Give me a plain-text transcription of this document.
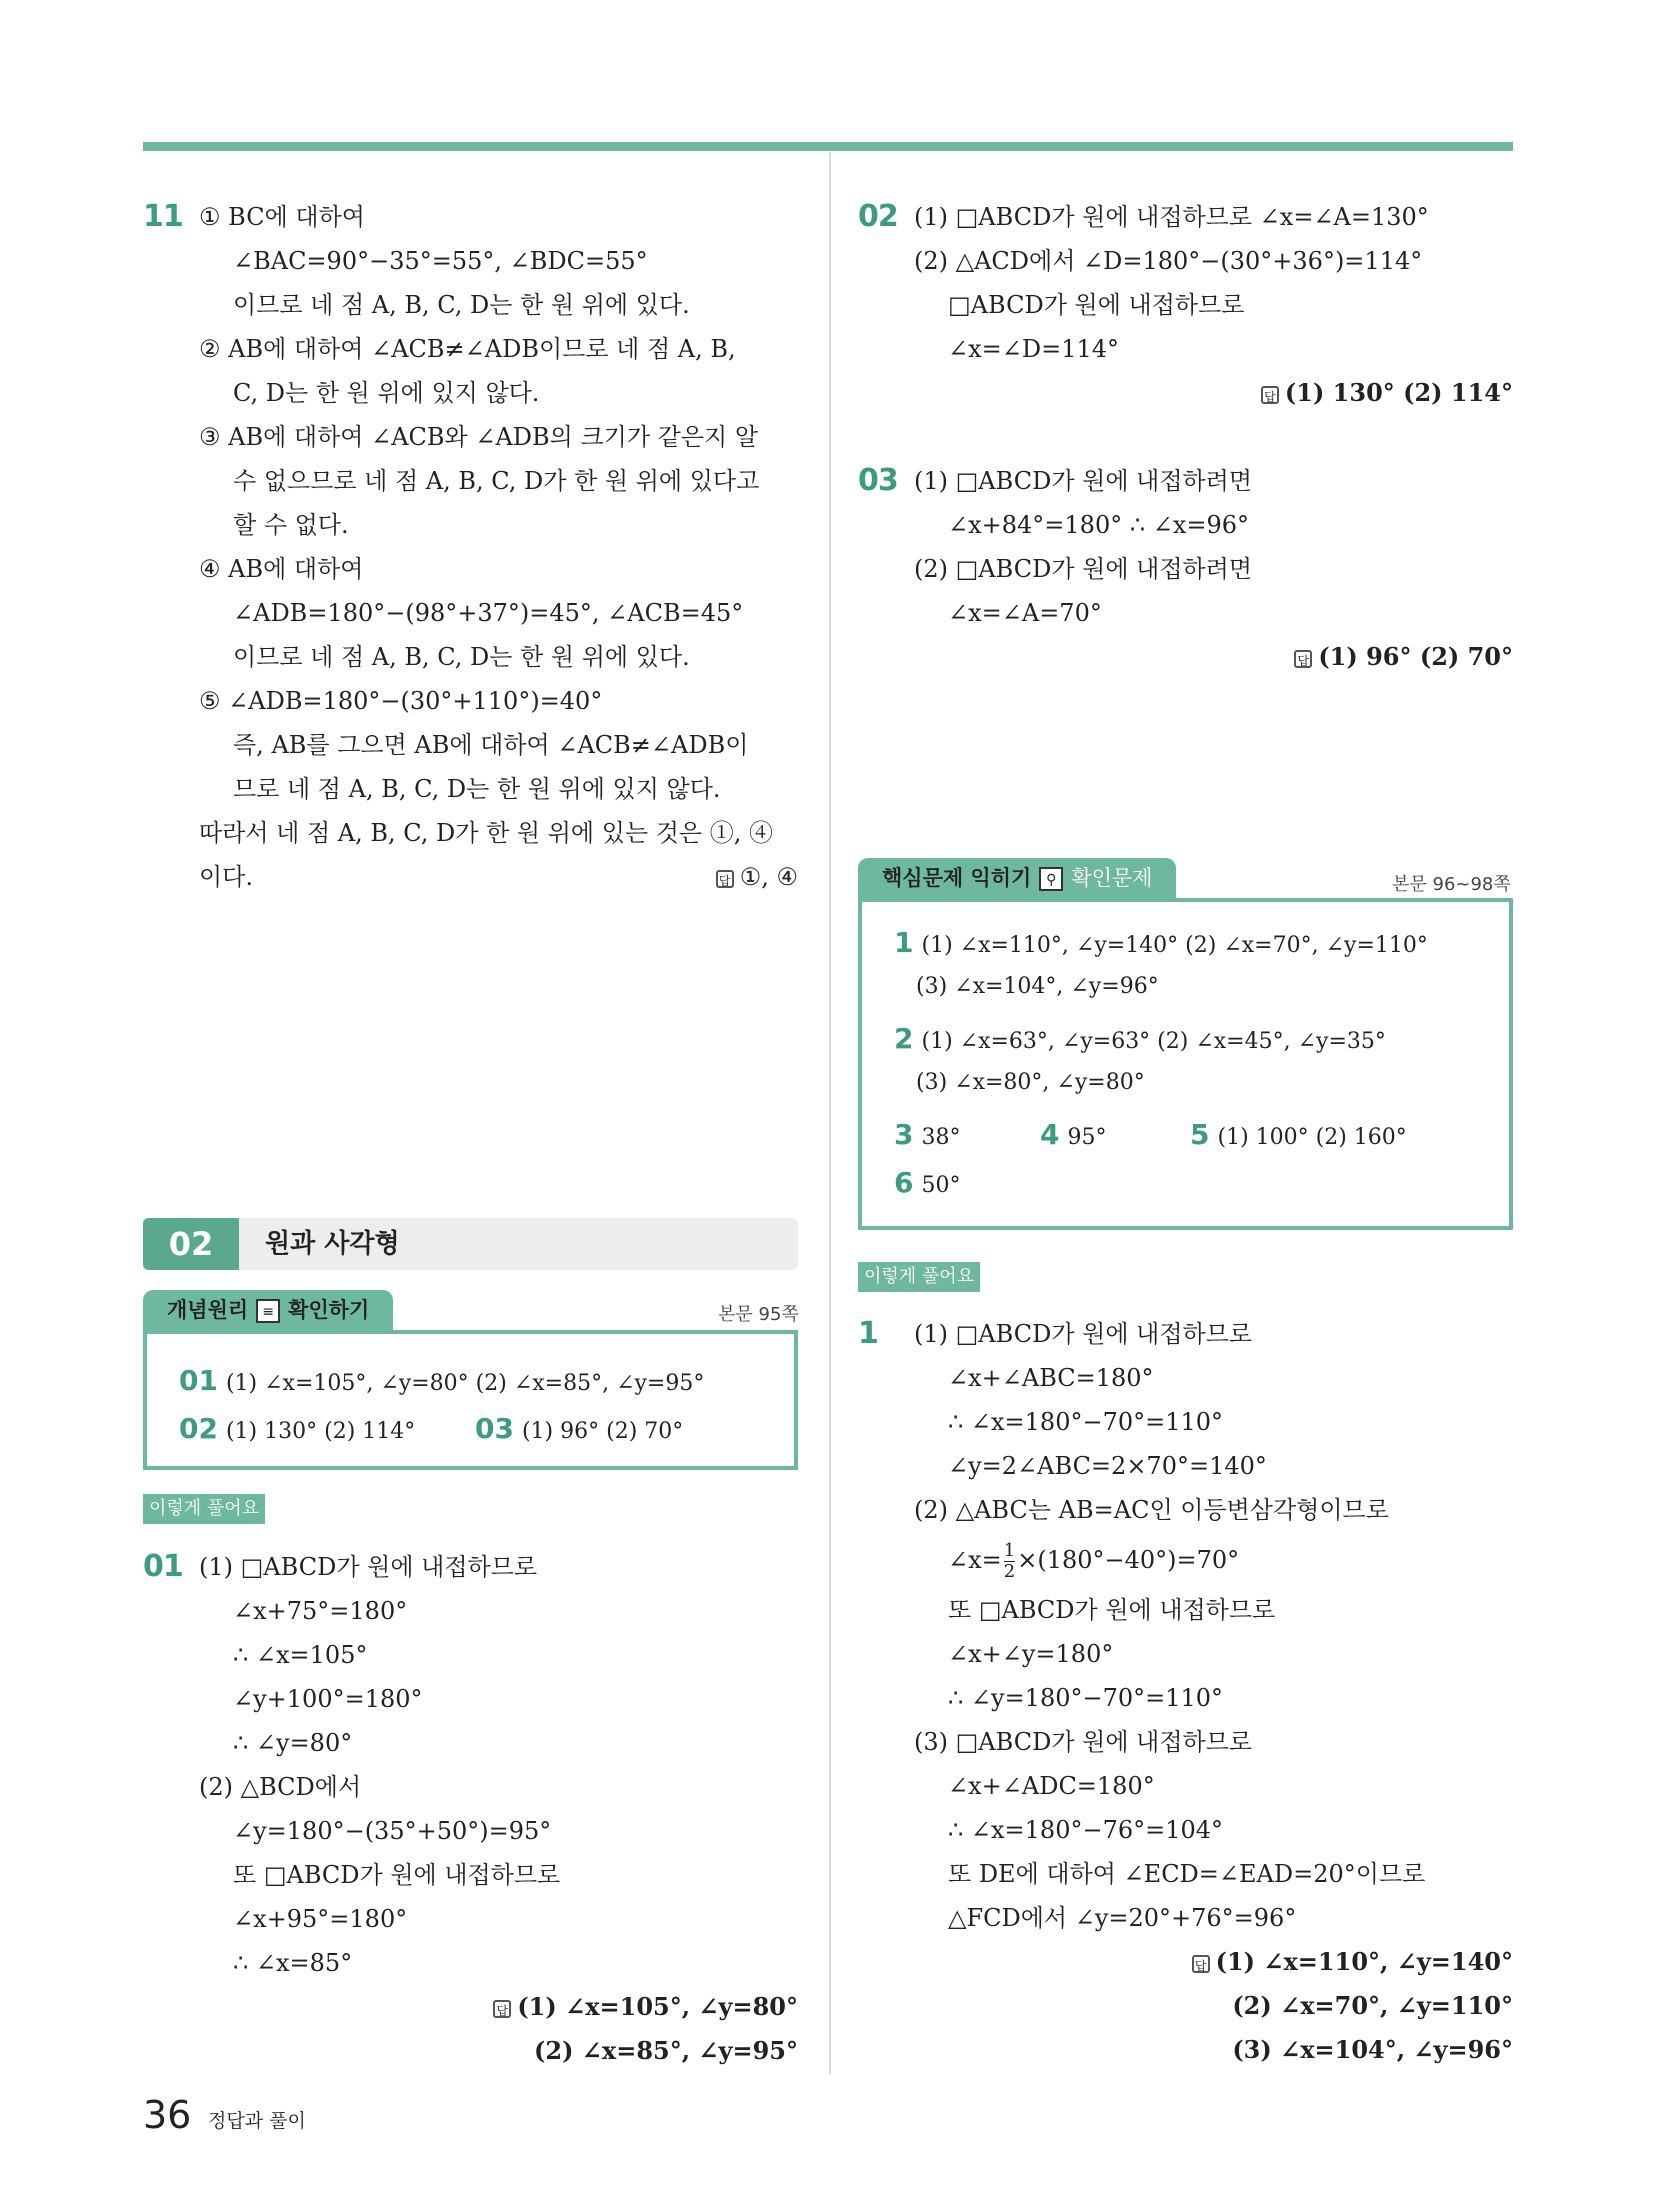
11 ① BC에 대하여
∠BAC=90°−35°=55°, ∠BDC=55°
이므로 네 점 A, B, C, D는 한 원 위에 있다.
② AB에 대하여 ∠ACB≠∠ADB이므로 네 점 A, B,
C, D는 한 원 위에 있지 않다.
③ AB에 대하여 ∠ACB와 ∠ADB의 크기가 같은지 알
수 없으므로 네 점 A, B, C, D가 한 원 위에 있다고
할 수 없다.
④ AB에 대하여
∠ADB=180°−(98°+37°)=45°, ∠ACB=45°
이므로 네 점 A, B, C, D는 한 원 위에 있다.
⑤ ∠ADB=180°−(30°+110°)=40°
즉, AB를 그으면 AB에 대하여 ∠ACB≠∠ADB이
므로 네 점 A, B, C, D는 한 원 위에 있지 않다.
따라서 네 점 A, B, C, D가 한 원 위에 있는 것은 ①, ④
이다.	답 ①, ④
02	원과 사각형
개념원리 ≡ 확인하기	본문 95쪽
01 (1) ∠x=105°, ∠y=80° (2) ∠x=85°, ∠y=95°
02 (1) 130° (2) 114° 03 (1) 96° (2) 70°
이렇게 풀어요
01 (1) □ABCD가 원에 내접하므로
∠x+75°=180°
∴ ∠x=105°
∠y+100°=180°
∴ ∠y=80°
(2) △BCD에서
∠y=180°−(35°+50°)=95°
또 □ABCD가 원에 내접하므로
∠x+95°=180°
∴ ∠x=85°
답 (1) ∠x=105°, ∠y=80°
(2) ∠x=85°, ∠y=95°
02 (1) □ABCD가 원에 내접하므로 ∠x=∠A=130°
(2) △ACD에서 ∠D=180°−(30°+36°)=114°
□ABCD가 원에 내접하므로
∠x=∠D=114°
답 (1) 130° (2) 114°
03 (1) □ABCD가 원에 내접하려면
∠x+84°=180° ∴ ∠x=96°
(2) □ABCD가 원에 내접하려면
∠x=∠A=70°
답 (1) 96° (2) 70°
핵심문제 익히기 ⚲ 확인문제	본문 96~98쪽
1 (1) ∠x=110°, ∠y=140° (2) ∠x=70°, ∠y=110°
(3) ∠x=104°, ∠y=96°
2 (1) ∠x=63°, ∠y=63° (2) ∠x=45°, ∠y=35°
(3) ∠x=80°, ∠y=80°
3 38°	4 95°	5 (1) 100° (2) 160°
6 50°
이렇게 풀어요
1	(1) □ABCD가 원에 내접하므로
∠x+∠ABC=180°
∴ ∠x=180°−70°=110°
∠y=2∠ABC=2×70°=140°
(2) △ABC는 AB=AC인 이등변삼각형이므로
∠x= $\frac{1}{2} \times(180^\circ-40^\circ)=70^\circ$
또 □ABCD가 원에 내접하므로
∠x+∠y=180°
∴ ∠y=180°−70°=110°
(3) □ABCD가 원에 내접하므로
∠x+∠ADC=180°
∴ ∠x=180°−76°=104°
또 DE에 대하여 ∠ECD=∠EAD=20°이므로
△FCD에서 ∠y=20°+76°=96°
답 (1) ∠x=110°, ∠y=140°
(2) ∠x=70°, ∠y=110°
(3) ∠x=104°, ∠y=96°
36 정답과 풀이
